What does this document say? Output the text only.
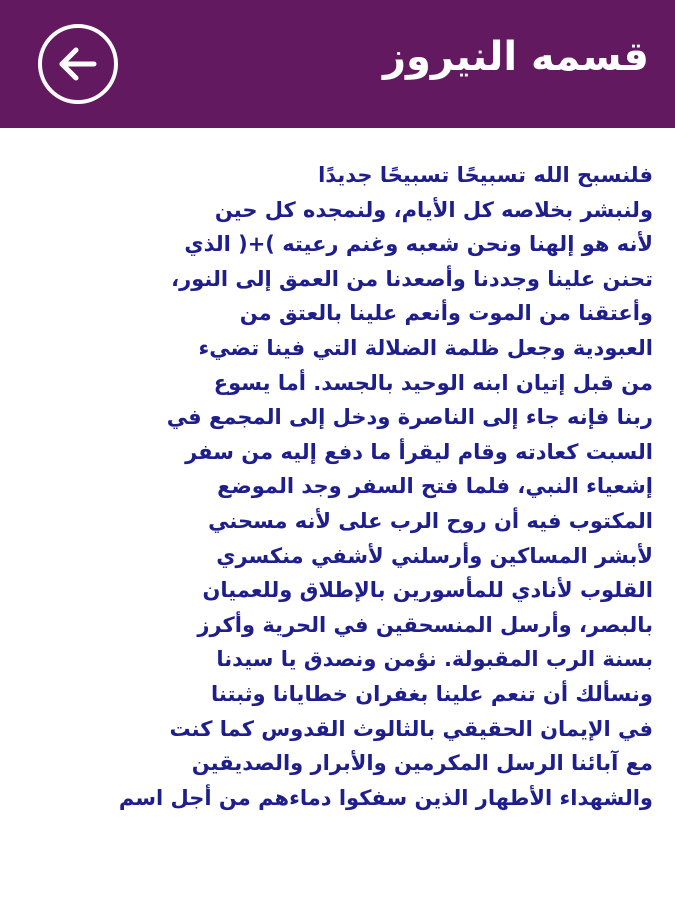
قسمه النيروز
فلنسبح الله تسبيحًا تسبيحًا جديدًا
ولنبشر بخلاصه كل الأيام، ولنمجده كل حين
لأنه هو إلهنا ونحن شعبه وغنم رعيته )+( الذي
تحنن علينا وجددنا وأصعدنا من العمق إلى النور،
وأعتقنا من الموت وأنعم علينا بالعتق من
العبودية وجعل ظلمة الضلالة التي فينا تضيء
من قبل إتيان ابنه الوحيد بالجسد. أما يسوع
ربنا فإنه جاء إلى الناصرة ودخل إلى المجمع في
السبت كعادته وقام ليقرأ ما دفع إليه من سفر
إشعياء النبي، فلما فتح السفر وجد الموضع
المكتوب فيه أن روح الرب على لأنه مسحني
لأبشر المساكين وأرسلني لأشفي منكسري
القلوب لأنادي للمأسورين بالإطلاق وللعميان
بالبصر، وأرسل المنسحقين في الحرية وأكرز
بسنة الرب المقبولة. نؤمن ونصدق يا سيدنا
ونسألك أن تنعم علينا بغفران خطايانا وثبتنا
في الإيمان الحقيقي بالثالوث القدوس كما كنت
مع آبائنا الرسل المكرمين والأبرار والصديقين
والشهداء الأطهار الذين سفكوا دماءهم من أجل اسم
